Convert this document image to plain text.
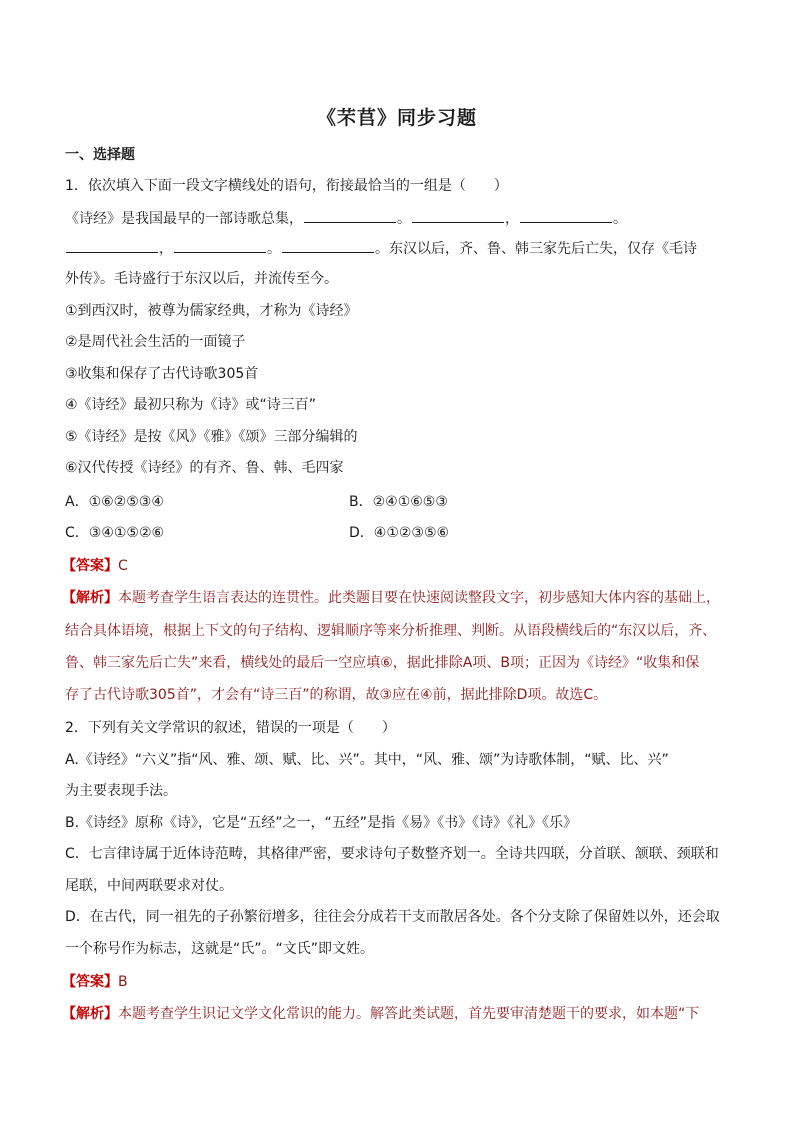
《芣苢》同步习题
一、选择题
1．依次填入下面一段文字横线处的语句，衔接最恰当的一组是（　　）
《诗经》是我国最早的一部诗歌总集，	。	，	。
，	。	。东汉以后，齐、鲁、韩三家先后亡失，仅存《毛诗
外传》。毛诗盛行于东汉以后，并流传至今。
①到西汉时，被尊为儒家经典，才称为《诗经》
②是周代社会生活的一面镜子
③收集和保存了古代诗歌305首
④《诗经》最初只称为《诗》或“诗三百”
⑤《诗经》是按《风》《雅》《颂》三部分编辑的
⑥汉代传授《诗经》的有齐、鲁、韩、毛四家
A．①⑥②⑤③④	B．②④①⑥⑤③
C．③④①⑤②⑥	D．④①②③⑤⑥
【答案】C
【解析】本题考查学生语言表达的连贯性。此类题目要在快速阅读整段文字，初步感知大体内容的基础上，
结合具体语境，根据上下文的句子结构、逻辑顺序等来分析推理、判断。从语段横线后的“东汉以后，齐、
鲁、韩三家先后亡失”来看，横线处的最后一空应填⑥，据此排除A项、B项；正因为《诗经》“收集和保
存了古代诗歌305首”，才会有“诗三百”的称谓，故③应在④前，据此排除D项。故选C。
2．下列有关文学常识的叙述，错误的一项是（　　）
A.《诗经》“六义”指“风、雅、颂、赋、比、兴”。其中，“风、雅、颂”为诗歌体制，“赋、比、兴”
为主要表现手法。
B.《诗经》原称《诗》，它是“五经”之一，“五经”是指《易》《书》《诗》《礼》《乐》
C．七言律诗属于近体诗范畴，其格律严密，要求诗句子数整齐划一。全诗共四联，分首联、颔联、颈联和
尾联，中间两联要求对仗。
D．在古代，同一祖先的子孙繁衍增多，往往会分成若干支而散居各处。各个分支除了保留姓以外，还会取
一个称号作为标志，这就是“氏”。“文氏”即文姓。
【答案】B
【解析】本题考查学生识记文学文化常识的能力。解答此类试题，首先要审清楚题干的要求，如本题“下
